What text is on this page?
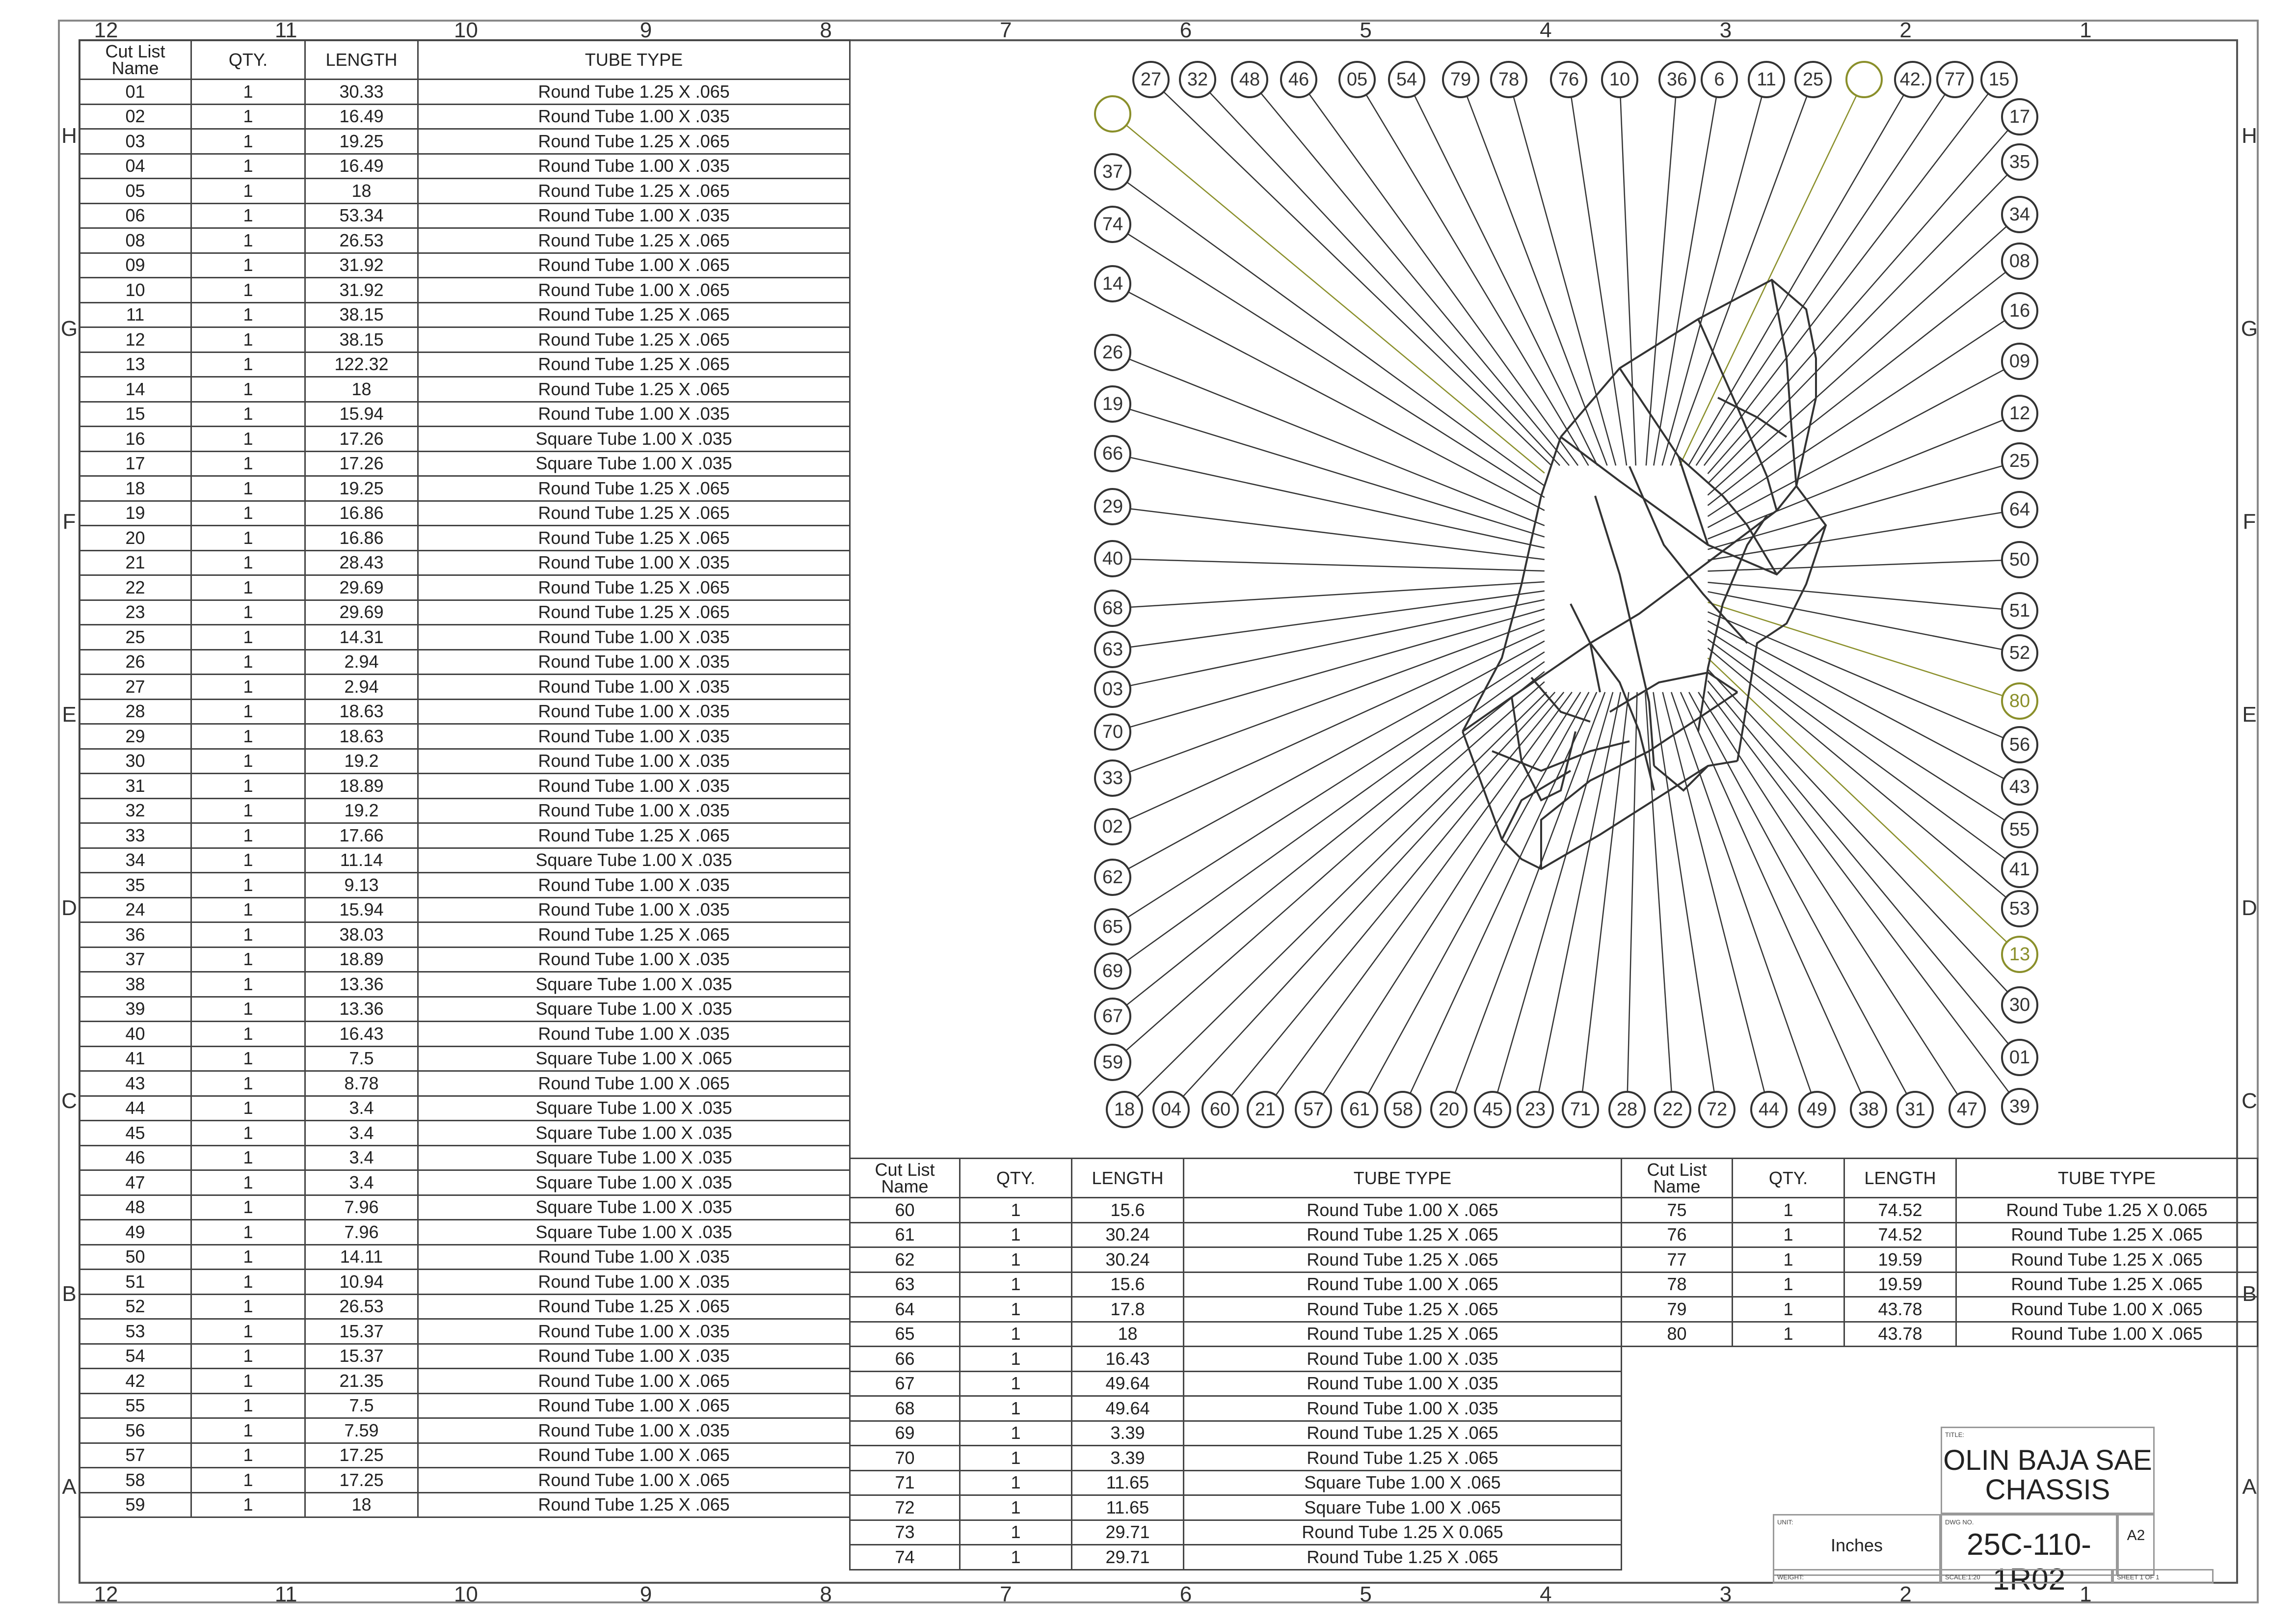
12	11	10	9	8	7	6	5	4	3	2	1
12	11	10	9	8	7	6	5	4	3	2	1
H
G
F
E
D
C
B
A
H
G
F
E
D
C
B
A
Cut List Name	QTY.	LENGTH	TUBE TYPE
01	1	30.33	Round Tube 1.25 X .065
02	1	16.49	Round Tube 1.00 X .035
03	1	19.25	Round Tube 1.25 X .065
04	1	16.49	Round Tube 1.00 X .035
05	1	18	Round Tube 1.25 X .065
06	1	53.34	Round Tube 1.00 X .035
08	1	26.53	Round Tube 1.25 X .065
09	1	31.92	Round Tube 1.00 X .065
10	1	31.92	Round Tube 1.00 X .065
11	1	38.15	Round Tube 1.25 X .065
12	1	38.15	Round Tube 1.25 X .065
13	1	122.32	Round Tube 1.25 X .065
14	1	18	Round Tube 1.25 X .065
15	1	15.94	Round Tube 1.00 X .035
16	1	17.26	Square Tube 1.00 X .035
17	1	17.26	Square Tube 1.00 X .035
18	1	19.25	Round Tube 1.25 X .065
19	1	16.86	Round Tube 1.25 X .065
20	1	16.86	Round Tube 1.25 X .065
21	1	28.43	Round Tube 1.00 X .035
22	1	29.69	Round Tube 1.25 X .065
23	1	29.69	Round Tube 1.25 X .065
25	1	14.31	Round Tube 1.00 X .035
26	1	2.94	Round Tube 1.00 X .035
27	1	2.94	Round Tube 1.00 X .035
28	1	18.63	Round Tube 1.00 X .035
29	1	18.63	Round Tube 1.00 X .035
30	1	19.2	Round Tube 1.00 X .035
31	1	18.89	Round Tube 1.00 X .035
32	1	19.2	Round Tube 1.00 X .035
33	1	17.66	Round Tube 1.25 X .065
34	1	11.14	Square Tube 1.00 X .035
35	1	9.13	Round Tube 1.00 X .035
24	1	15.94	Round Tube 1.00 X .035
36	1	38.03	Round Tube 1.25 X .065
37	1	18.89	Round Tube 1.00 X .035
38	1	13.36	Square Tube 1.00 X .035
39	1	13.36	Square Tube 1.00 X .035
40	1	16.43	Round Tube 1.00 X .035
41	1	7.5	Square Tube 1.00 X .065
43	1	8.78	Round Tube 1.00 X .065
44	1	3.4	Square Tube 1.00 X .035
45	1	3.4	Square Tube 1.00 X .035
46	1	3.4	Square Tube 1.00 X .035
47	1	3.4	Square Tube 1.00 X .035
48	1	7.96	Square Tube 1.00 X .035
49	1	7.96	Square Tube 1.00 X .035
50	1	14.11	Round Tube 1.00 X .035
51	1	10.94	Round Tube 1.00 X .035
52	1	26.53	Round Tube 1.25 X .065
53	1	15.37	Round Tube 1.00 X .035
54	1	15.37	Round Tube 1.00 X .035
42	1	21.35	Round Tube 1.00 X .065
55	1	7.5	Round Tube 1.00 X .065
56	1	7.59	Round Tube 1.00 X .035
57	1	17.25	Round Tube 1.00 X .065
58	1	17.25	Round Tube 1.00 X .065
59	1	18	Round Tube 1.25 X .065
Cut List Name	QTY.	LENGTH	TUBE TYPE
60	1	15.6	Round Tube 1.00 X .065
61	1	30.24	Round Tube 1.25 X .065
62	1	30.24	Round Tube 1.25 X .065
63	1	15.6	Round Tube 1.00 X .065
64	1	17.8	Round Tube 1.25 X .065
65	1	18	Round Tube 1.25 X .065
66	1	16.43	Round Tube 1.00 X .035
67	1	49.64	Round Tube 1.00 X .035
68	1	49.64	Round Tube 1.00 X .035
69	1	3.39	Round Tube 1.25 X .065
70	1	3.39	Round Tube 1.25 X .065
71	1	11.65	Square Tube 1.00 X .065
72	1	11.65	Square Tube 1.00 X .065
73	1	29.71	Round Tube 1.25 X 0.065
74	1	29.71	Round Tube 1.25 X .065
Cut List Name	QTY.	LENGTH	TUBE TYPE
75	1	74.52	Round Tube 1.25 X 0.065
76	1	74.52	Round Tube 1.25 X .065
77	1	19.59	Round Tube 1.25 X .065
78	1	19.59	Round Tube 1.25 X .065
79	1	43.78	Round Tube 1.00 X .065
80	1	43.78	Round Tube 1.00 X .065
27 32 48 46 05 54 79 78 76 10 36 6 11 25	42. 77 15
37
74
14
26
19
66
29
40
68
63
03
70
33
02
62
65
69
67
59
17
35
34
08
16
09
12
25
64
50
51
52
80
56
43
55
41
53
13
30
01
39
18 04 60 21 57 61 58 20 45 23 71 28 22 72 44 49 38 31 47
TITLE:
OLIN BAJA SAE
CHASSIS
UNIT:
Inches
DWG NO.
25C-110-1R02
A2
WEIGHT:	SCALE:1:20	SHEET 1 OF 1
